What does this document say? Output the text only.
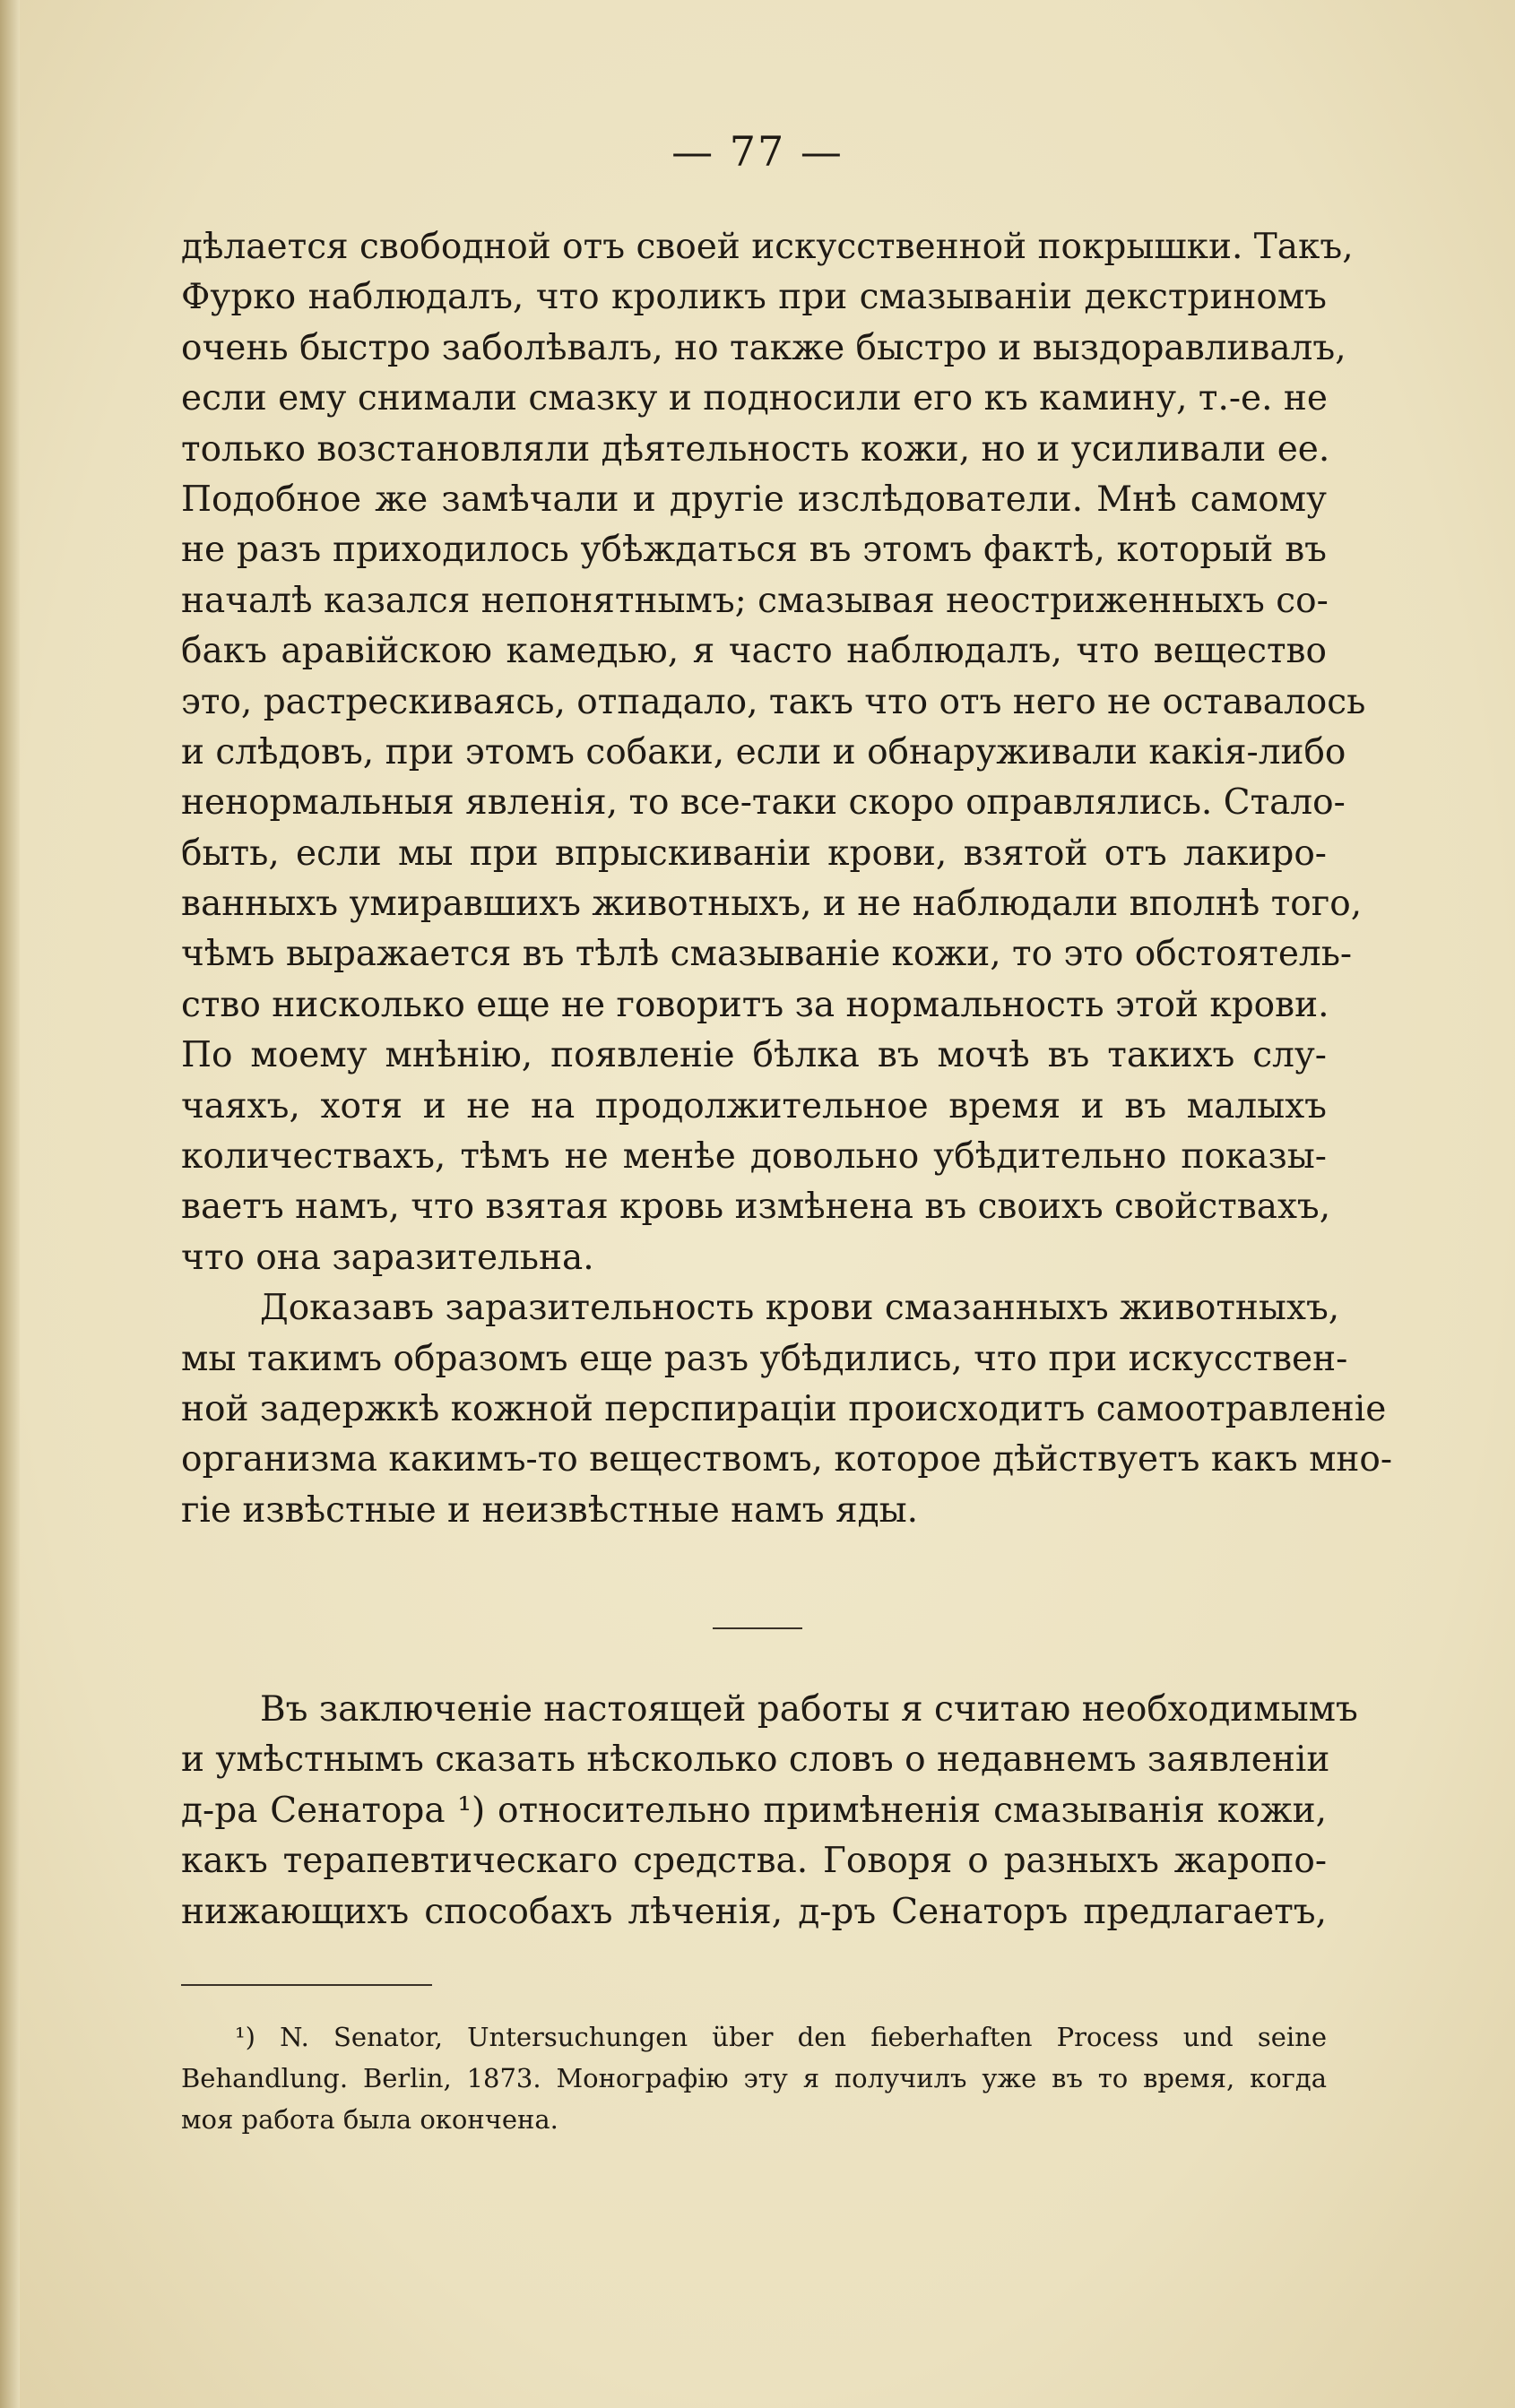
— 77 —
дѣлается свободной отъ своей искусственной покрышки. Такъ,
Фурко наблюдалъ, что кроликъ при смазываніи декстриномъ
очень быстро заболѣвалъ, но также быстро и выздоравливалъ,
если ему снимали смазку и подносили его къ камину, т.-е. не
только возстановляли дѣятельность кожи, но и усиливали ее.
Подобное же замѣчали и другіе изслѣдователи. Мнѣ самому
не разъ приходилось убѣждаться въ этомъ фактѣ, который въ
началѣ казался непонятнымъ; смазывая неостриженныхъ со-
бакъ аравійскою камедью, я часто наблюдалъ, что вещество
это, растрескиваясь, отпадало, такъ что отъ него не оставалось
и слѣдовъ, при этомъ собаки, если и обнаруживали какія-либо
ненормальныя явленія, то все-таки скоро оправлялись. Стало-
быть, если мы при впрыскиваніи крови, взятой отъ лакиро-
ванныхъ умиравшихъ животныхъ, и не наблюдали вполнѣ того,
чѣмъ выражается въ тѣлѣ смазываніе кожи, то это обстоятель-
ство нисколько еще не говоритъ за нормальность этой крови.
По моему мнѣнію, появленіе бѣлка въ мочѣ въ такихъ слу-
чаяхъ, хотя и не на продолжительное время и въ малыхъ
количествахъ, тѣмъ не менѣе довольно убѣдительно показы-
ваетъ намъ, что взятая кровь измѣнена въ своихъ свойствахъ,
что она заразительна.
Доказавъ заразительность крови смазанныхъ животныхъ,
мы такимъ образомъ еще разъ убѣдились, что при искусствен-
ной задержкѣ кожной перспираціи происходитъ самоотравленіе
организма какимъ-то веществомъ, которое дѣйствуетъ какъ мно-
гіе извѣстные и неизвѣстные намъ яды.
Въ заключеніе настоящей работы я считаю необходимымъ
и умѣстнымъ сказать нѣсколько словъ о недавнемъ заявленіи
д-ра Сенатора ¹) относительно примѣненія смазыванія кожи,
какъ терапевтическаго средства. Говоря о разныхъ жаропо-
нижающихъ способахъ лѣченія, д-ръ Сенаторъ предлагаетъ,
¹) N. Senator, Untersuchungen über den fieberhaften Process und seine
Behandlung. Berlin, 1873. Монографію эту я получилъ уже въ то время, когда
моя работа была окончена.
